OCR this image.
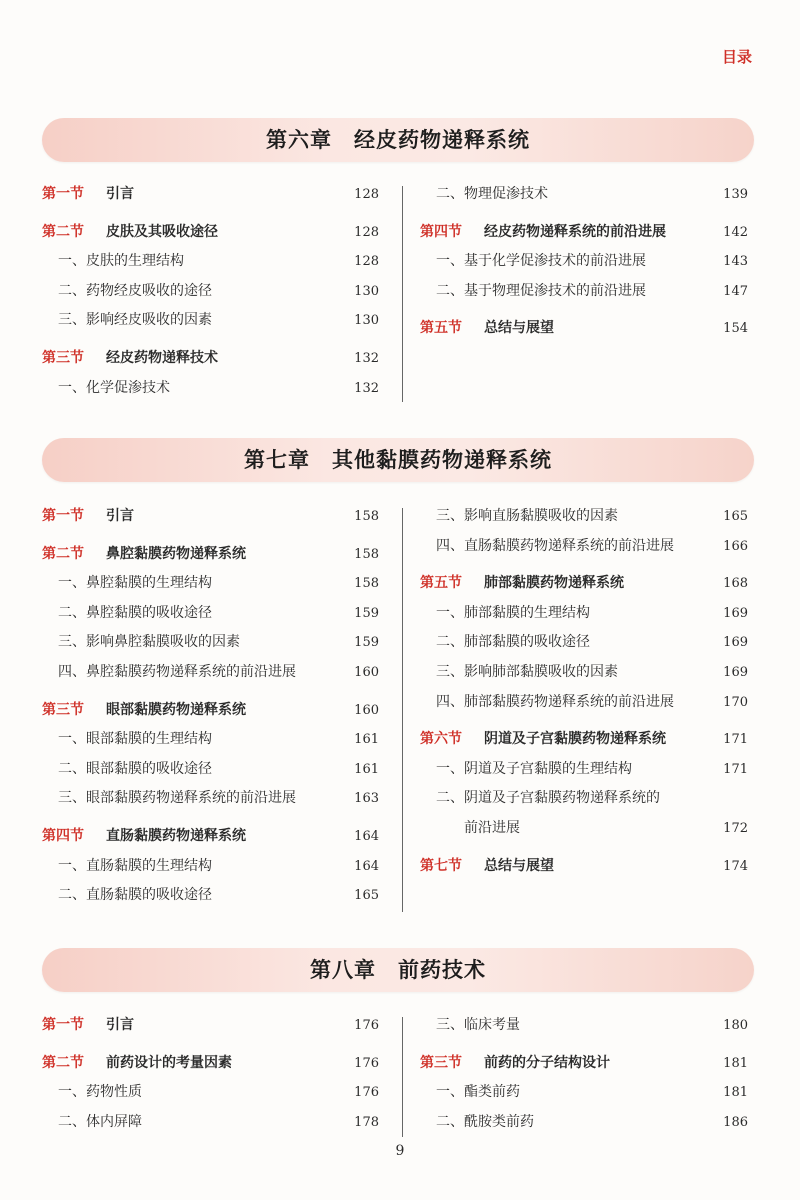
目录
第六章　经皮药物递释系统
第一节 引言	128
第二节 皮肤及其吸收途径	128
一、皮肤的生理结构	128
二、药物经皮吸收的途径	130
三、影响经皮吸收的因素	130
第三节 经皮药物递释技术	132
一、化学促渗技术	132
二、物理促渗技术	139
第四节 经皮药物递释系统的前沿进展	142
一、基于化学促渗技术的前沿进展	143
二、基于物理促渗技术的前沿进展	147
第五节 总结与展望	154
第七章　其他黏膜药物递释系统
第一节 引言	158
第二节 鼻腔黏膜药物递释系统	158
一、鼻腔黏膜的生理结构	158
二、鼻腔黏膜的吸收途径	159
三、影响鼻腔黏膜吸收的因素	159
四、鼻腔黏膜药物递释系统的前沿进展	160
第三节 眼部黏膜药物递释系统	160
一、眼部黏膜的生理结构	161
二、眼部黏膜的吸收途径	161
三、眼部黏膜药物递释系统的前沿进展	163
第四节 直肠黏膜药物递释系统	164
一、直肠黏膜的生理结构	164
二、直肠黏膜的吸收途径	165
三、影响直肠黏膜吸收的因素	165
四、直肠黏膜药物递释系统的前沿进展	166
第五节 肺部黏膜药物递释系统	168
一、肺部黏膜的生理结构	169
二、肺部黏膜的吸收途径	169
三、影响肺部黏膜吸收的因素	169
四、肺部黏膜药物递释系统的前沿进展	170
第六节 阴道及子宫黏膜药物递释系统	171
一、阴道及子宫黏膜的生理结构	171
二、阴道及子宫黏膜药物递释系统的
前沿进展	172
第七节 总结与展望	174
第八章　前药技术
第一节 引言	176
第二节 前药设计的考量因素	176
一、药物性质	176
二、体内屏障	178
三、临床考量	180
第三节 前药的分子结构设计	181
一、酯类前药	181
二、酰胺类前药	186
9
